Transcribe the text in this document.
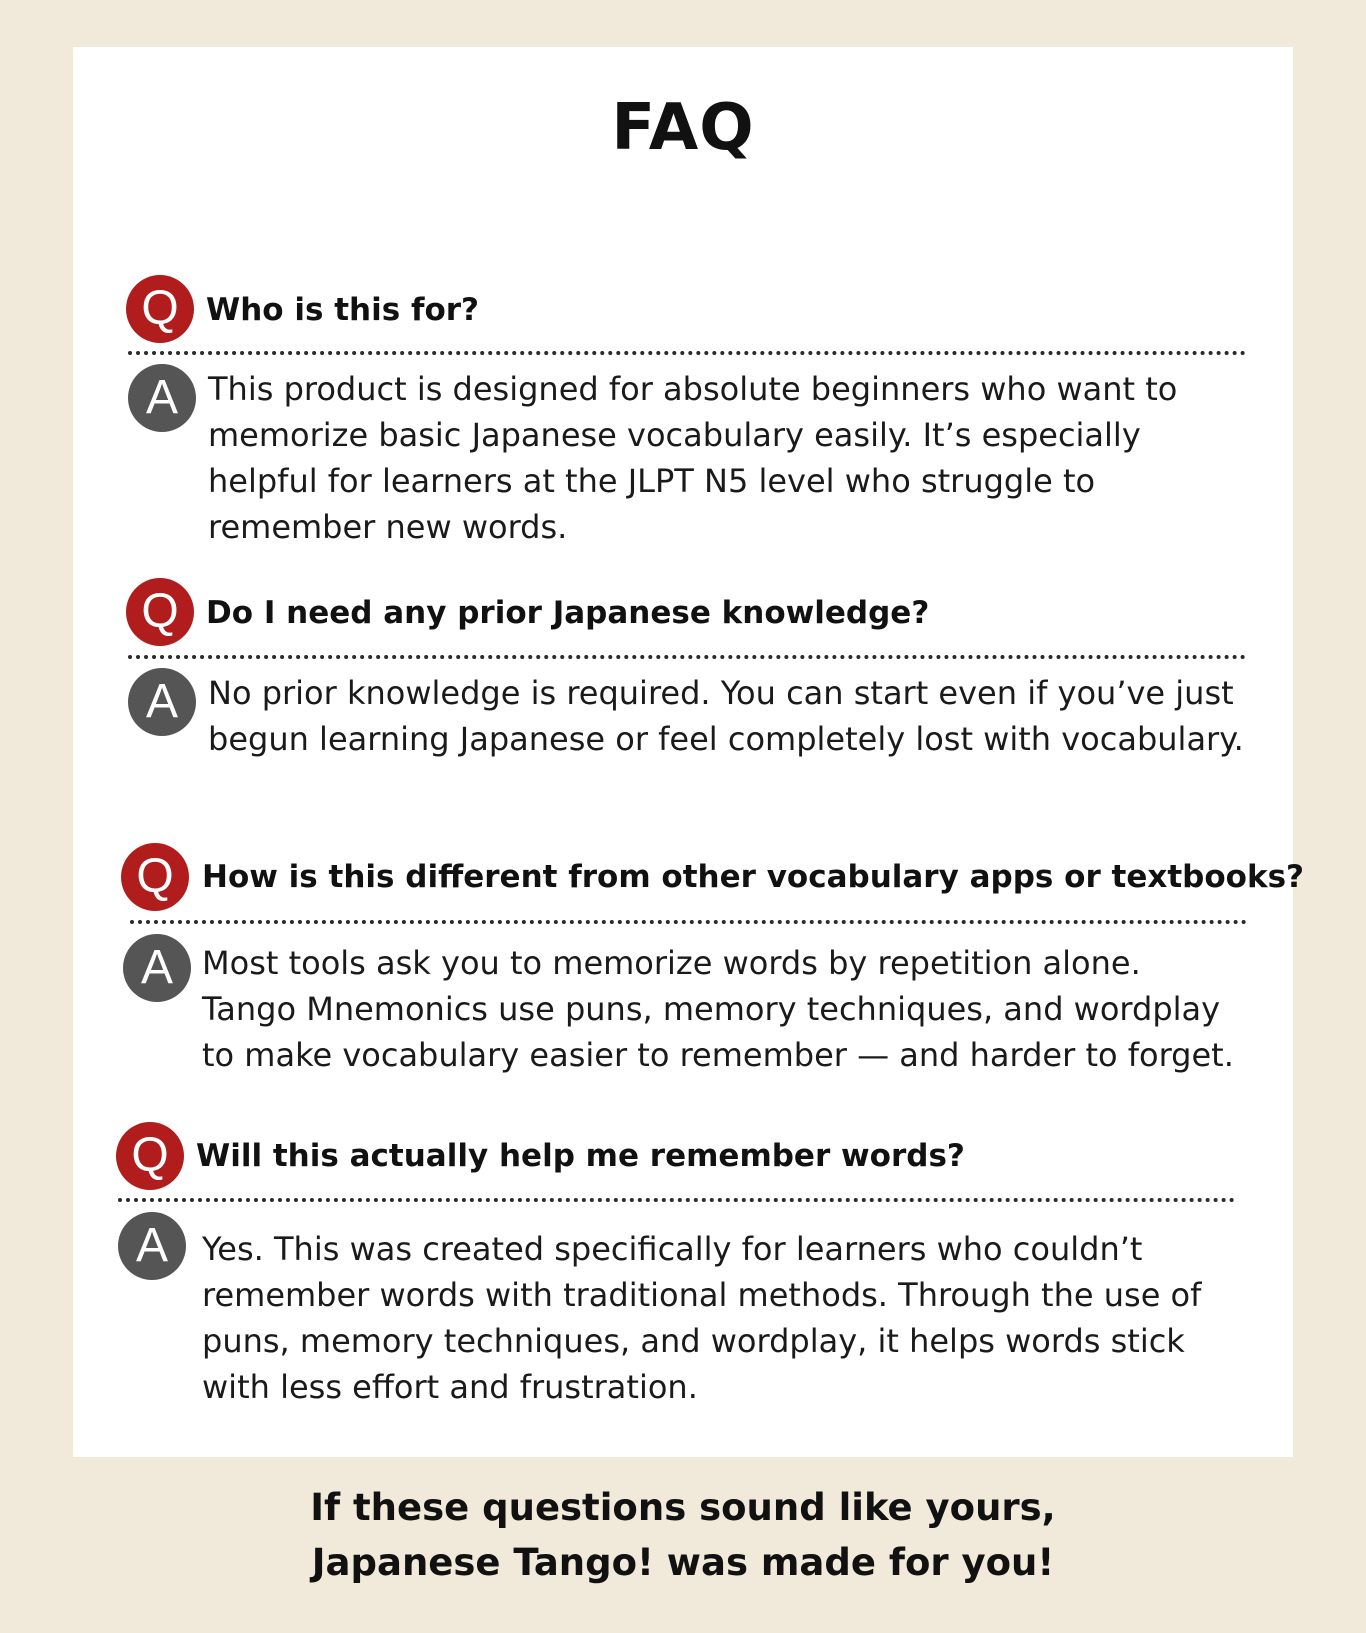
FAQ
Q Who is this for?
A This product is designed for absolute beginners who want to
memorize basic Japanese vocabulary easily. It’s especially
helpful for learners at the JLPT N5 level who struggle to
remember new words.
Q Do I need any prior Japanese knowledge?
A No prior knowledge is required. You can start even if you’ve just
begun learning Japanese or feel completely lost with vocabulary.
Q How is this different from other vocabulary apps or textbooks?
A Most tools ask you to memorize words by repetition alone.
Tango Mnemonics use puns, memory techniques, and wordplay
to make vocabulary easier to remember — and harder to forget.
Q Will this actually help me remember words?
A	Yes. This was created specifically for learners who couldn’t
remember words with traditional methods. Through the use of
puns, memory techniques, and wordplay, it helps words stick
with less effort and frustration.
If these questions sound like yours,
Japanese Tango! was made for you!
